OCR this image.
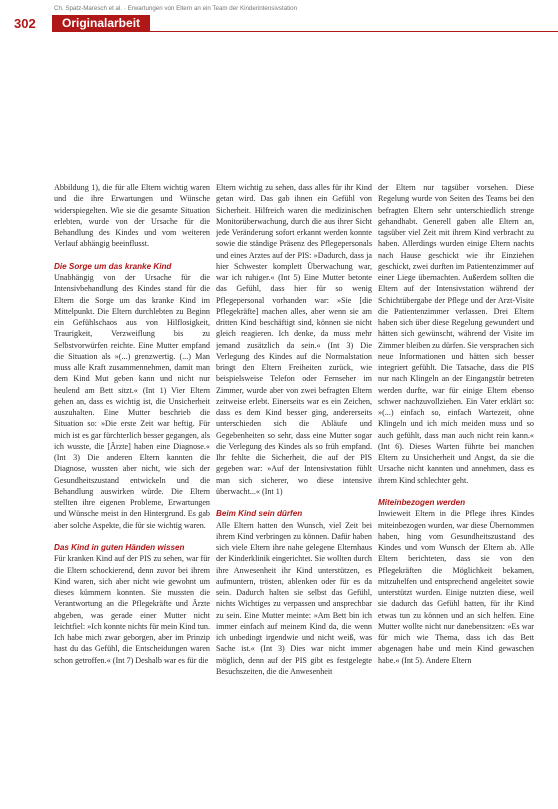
Ch. Spatz-Maresch et al. · Erwartungen von Eltern an ein Team der Kinderintensivstation
302	Originalarbeit

Abbildung 1), die für alle Eltern wichtig waren und die ihre Erwartungen und Wünsche widerspiegelten. Wie sie die gesamte Situation erlebten, wurde von der Ursache für die Behandlung des Kindes und vom weiteren Verlauf abhängig beeinflusst.

Die Sorge um das kranke Kind

Unabhängig von der Ursache für die Intensivbehandlung des Kindes stand für die Eltern die Sorge um das kranke Kind im Mittelpunkt. Die Eltern durchlebten zu Beginn ein Gefühlschaos aus von Hilflosigkeit, Traurigkeit, Verzweiflung bis zu Selbstvorwürfen reichte. Eine Mutter empfand die Situation als »(...) grenzwertig. (...) Man muss alle Kraft zusammennehmen, damit man dem Kind Mut geben kann und nicht nur heulend am Bett sitzt.« (Int 1) Vier Eltern gehen an, dass es wichtig ist, die Unsicherheit auszuhalten. Eine Mutter beschrieb die Situation so: »Die erste Zeit war heftig. Für mich ist es gar fürchterlich besser gegangen, als ich wusste, die [Ärzte] haben eine Diagnose.« (Int 3) Die anderen Eltern kannten die Diagnose, wussten aber nicht, wie sich der Gesundheitszustand entwickeln und die Behandlung auswirken würde. Die Eltern stellten ihre eigenen Probleme, Erwartungen und Wünsche meist in den Hintergrund. Es gab aber solche Aspekte, die für sie wichtig waren.

Das Kind in guten Händen wissen

Für kranken Kind auf der PIS zu sehen, war für die Eltern schockierend, denn zuvor bei ihrem Kind waren, sich aber nicht wie gewohnt um dieses kümmern konnten. Sie mussten die Verantwortung an die Pflegekräfte und Ärzte abgeben, was gerade einer Mutter nicht leichtfiel: »Ich konnte nichts für mein Kind tun. Ich habe mich zwar geborgen, aber im Prinzip hast du das Gefühl, die Entscheidungen waren schon getroffen.« (Int 7) Deshalb war es für die

Eltern wichtig zu sehen, dass alles für ihr Kind getan wird. Das gab ihnen ein Gefühl von Sicherheit. Hilfreich waren die medizinischen Monitorüberwachung, durch die aus ihrer Sicht jede Veränderung sofort erkannt werden konnte sowie die ständige Präsenz des Pflegepersonals und eines Arztes auf der PIS: »Dadurch, dass ja hier Schwester komplett Überwachung war, war ich ruhiger.« (Int 5) Eine Mutter betonte das Gefühl, dass hier für so wenig Pflegepersonal vorhanden war: »Sie [die Pflegekräfte] machen alles, aber wenn sie am dritten Kind beschäftigt sind, können sie nicht gleich reagieren. Ich denke, da muss mehr jemand zusätzlich da sein.« (Int 3) Die Verlegung des Kindes auf die Normalstation bringt den Eltern Freiheiten zurück, wie beispielsweise Telefon oder Fernseher im Zimmer, wurde aber von zwei befragten Eltern zeitweise erlebt. Einerseits war es ein Zeichen, dass es dem Kind besser ging, andererseits unterschieden sich die Abläufe und Gegebenheiten so sehr, dass eine Mutter sogar die Verlegung des Kindes als so früh empfand. Ihr fehlte die Sicherheit, die auf der PIS gegeben war: »Auf der Intensivstation fühlt man sich sicherer, wo diese intensive überwacht...« (Int 1)

Beim Kind sein dürfen

Alle Eltern hatten den Wunsch, viel Zeit bei ihrem Kind verbringen zu können. Dafür haben sich viele Eltern ihre nahe gelegene Elternhaus der Kinderklinik eingerichtet. Sie wollten durch ihre Anwesenheit ihr Kind unterstützen, es aufmuntern, trösten, ablenken oder für es da sein. Dadurch halten sie selbst das Gefühl, nichts Wichtiges zu verpassen und ansprechbar zu sein. Eine Mutter meinte: »Am Bett bin ich immer einfach auf meinem Kind da, die wenn ich unbedingt irgendwie und nicht weiß, was Sache ist.« (Int 3) Dies war nicht immer möglich, denn auf der PIS gibt es festgelegte Besuchszeiten, die die Anwesenheit

der Eltern nur tagsüber vorsehen. Diese Regelung wurde von Seiten des Teams bei den befragten Eltern sehr unterschiedlich strenge gehandhabt. Generell gaben alle Eltern an, tagsüber viel Zeit mit ihrem Kind verbracht zu haben. Allerdings wurden einige Eltern nachts nach Hause geschickt wie ihr Einziehen geschickt, zwei durften im Patientenzimmer auf einer Liege übernachten. Außerdem sollten die Eltern auf der Intensivstation während der Schichtübergabe der Pflege und der Arzt-Visite die Patientenzimmer verlassen. Drei Eltern haben sich über diese Regelung gewundert und hätten sich gewünscht, während der Visite im Zimmer bleiben zu dürfen. Sie versprachen sich neue Informationen und hätten sich besser integriert gefühlt. Die Tatsache, dass die PIS nur nach Klingeln an der Eingangstür betreten werden durfte, war für einige Eltern ebenso schwer nachzuvollziehen. Ein Vater erklärt so: »(...) einfach so, einfach Wartezeit, ohne Klingeln und ich mich meiden muss und so auch gefühlt, dass man auch nicht rein kann.« (Int 6). Dieses Warten führte bei manchen Eltern zu Unsicherheit und Angst, da sie die Ursache nicht kannten und annehmen, dass es ihrem Kind schlechter geht.

Miteinbezogen werden

Inwieweit Eltern in die Pflege ihres Kindes miteinbezogen wurden, war diese Übernommen haben, hing vom Gesundheitszustand des Kindes und vom Wunsch der Eltern ab. Alle Eltern berichteten, dass sie von den Pflegekräften die Möglichkeit bekamen, mitzuhelfen und entsprechend angeleitet sowie unterstützt wurden. Einige nutzten diese, weil sie dadurch das Gefühl hatten, für ihr Kind etwas tun zu können und an sich helfen. Eine Mutter wollte nicht nur danebensitzen: »Es war für mich wie Thema, dass ich das Bett abgenagen habe und mein Kind gewaschen habe.« (Int 5). Andere Eltern
